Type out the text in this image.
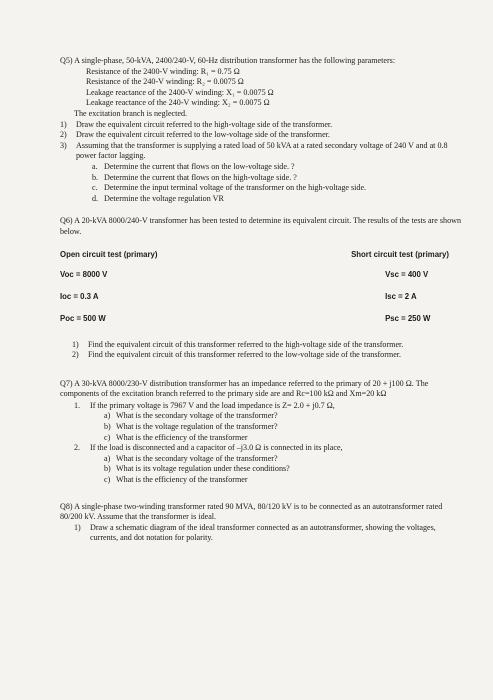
Q5) A single-phase, 50-kVA, 2400/240-V, 60-Hz distribution transformer has the following parameters:

Resistance of the 2400-V winding: R₁ = 0.75 Ω

Resistance of the 240-V winding: R₂ = 0.0075 Ω

Leakage reactance of the 2400-V winding: X₁ = 0.0075 Ω

Leakage reactance of the 240-V winding: X₂ = 0.0075 Ω

The excitation branch is neglected.

1) Draw the equivalent circuit referred to the high-voltage side of the transformer.
2) Draw the equivalent circuit referred to the low-voltage side of the transformer.
3) Assuming that the transformer is supplying a rated load of 50 kVA at a rated secondary voltage of 240 V and at 0.8 power factor lagging.
a. Determine the current that flows on the low-voltage side. ?
b. Determine the current that flows on the high-voltage side. ?
c. Determine the input terminal voltage of the transformer on the high-voltage side.
d. Determine the voltage regulation VR

Q6) A 20-kVA 8000/240-V transformer has been tested to determine its equivalent circuit. The results of the tests are shown below.

Open circuit test (primary)
Voc = 8000 V
Ioc = 0.3 A
Poc = 500 W
Short circuit test (primary)
Vsc = 400 V
Isc = 2 A
Psc = 250 W
1) Find the equivalent circuit of this transformer referred to the high-voltage side of the transformer.
2) Find the equivalent circuit of this transformer referred to the low-voltage side of the transformer.

Q7) A 30-kVA 8000/230-V distribution transformer has an impedance referred to the primary of 20 + j100 Ω. The components of the excitation branch referred to the primary side are and Rc=100 kΩ and Xm=20 kΩ

1. If the primary voltage is 7967 V and the load impedance is Z= 2.0 + j0.7 Ω,
a) What is the secondary voltage of the transformer?
b) What is the voltage regulation of the transformer?
c) What is the efficiency of the transformer
2. If the load is disconnected and a capacitor of –j3.0 Ω is connected in its place,
a) What is the secondary voltage of the transformer?
b) What is its voltage regulation under these conditions?
c) What is the efficiency of the transformer

Q8) A single-phase two-winding transformer rated 90 MVA, 80/120 kV is to be connected as an autotransformer rated 80/200 kV. Assume that the transformer is ideal.

1) Draw a schematic diagram of the ideal transformer connected as an autotransformer, showing the voltages, currents, and dot notation for polarity.
